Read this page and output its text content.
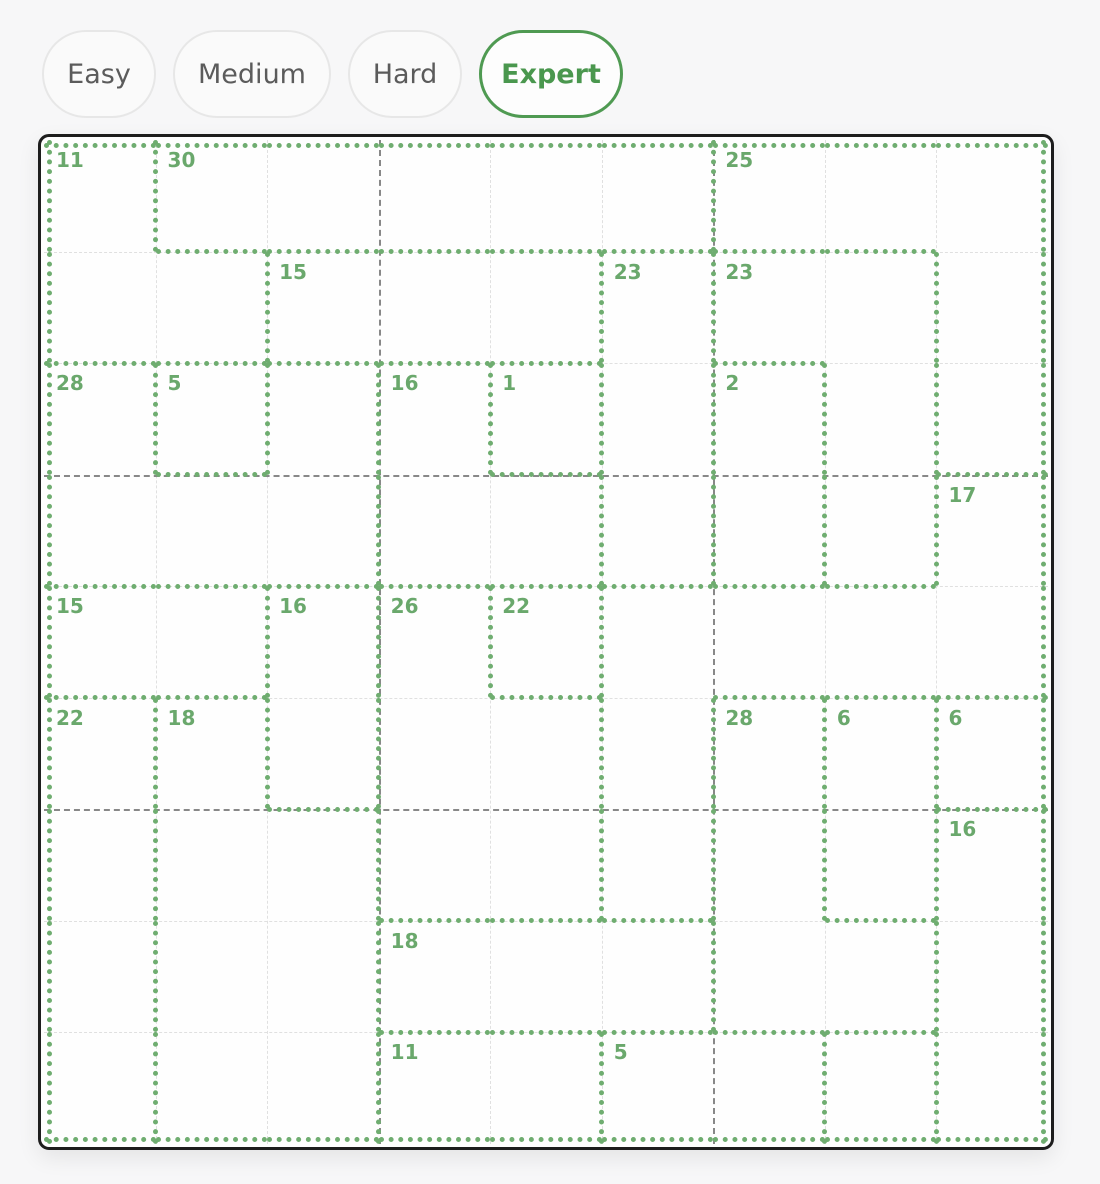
Easy	Medium	Hard	Expert
11	30	25
15	23	23
28	5	16	1	2
17
15	16	26	22
22	28	6	6
18
18
16
11	5
